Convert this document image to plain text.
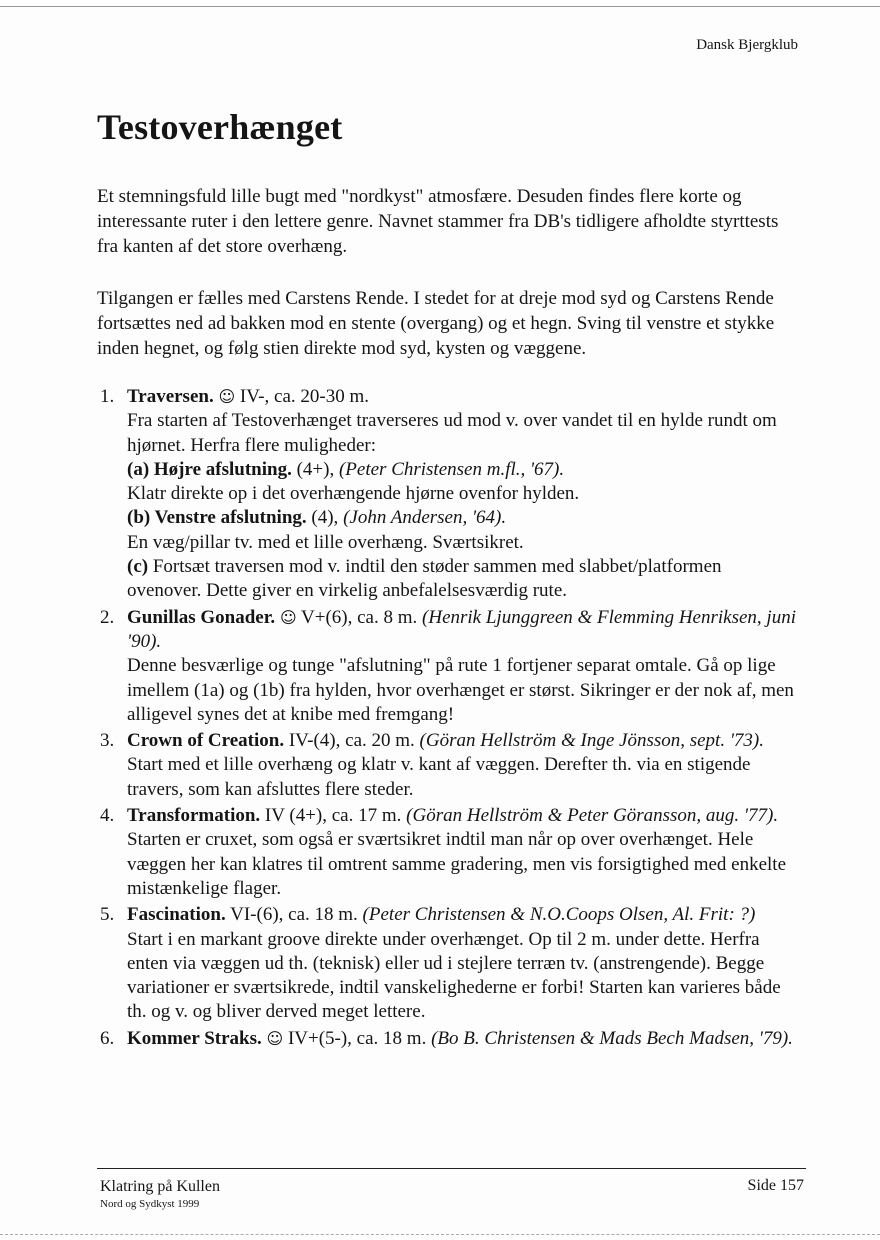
Dansk Bjergklub
Testoverhænget

Et stemningsfuld lille bugt med "nordkyst" atmosfære. Desuden findes flere korte og interessante ruter i den lettere genre. Navnet stammer fra DB's tidligere afholdte styrttests fra kanten af det store overhæng.

Tilgangen er fælles med Carstens Rende. I stedet for at dreje mod syd og Carstens Rende fortsættes ned ad bakken mod en stente (overgang) og et hegn. Sving til venstre et stykke inden hegnet, og følg stien direkte mod syd, kysten og væggene.

1. Traversen. ☺ IV-, ca. 20-30 m.

Fra starten af Testoverhænget traverseres ud mod v. over vandet til en hylde rundt om hjørnet. Herfra flere muligheder:

(a) Højre afslutning. (4+), (Peter Christensen m.fl., '67).

Klatr direkte op i det overhængende hjørne ovenfor hylden.

(b) Venstre afslutning. (4), (John Andersen, '64).

En væg/pillar tv. med et lille overhæng. Sværtsikret.

(c) Fortsæt traversen mod v. indtil den støder sammen med slabbet/platformen ovenover. Dette giver en virkelig anbefalelsesværdig rute.

2. Gunillas Gonader. ☺ V+(6), ca. 8 m. (Henrik Ljunggreen & Flemming Henriksen, juni '90).

Denne besværlige og tunge "afslutning" på rute 1 fortjener separat omtale. Gå op lige imellem (1a) og (1b) fra hylden, hvor overhænget er størst. Sikringer er der nok af, men alligevel synes det at knibe med fremgang!

3. Crown of Creation. IV-(4), ca. 20 m. (Göran Hellström & Inge Jönsson, sept. '73).

Start med et lille overhæng og klatr v. kant af væggen. Derefter th. via en stigende travers, som kan afsluttes flere steder.

4. Transformation. IV (4+), ca. 17 m. (Göran Hellström & Peter Göransson, aug. '77).

Starten er cruxet, som også er sværtsikret indtil man når op over overhænget. Hele væggen her kan klatres til omtrent samme gradering, men vis forsigtighed med enkelte mistænkelige flager.

5. Fascination. VI-(6), ca. 18 m. (Peter Christensen & N.O.Coops Olsen, Al. Frit: ?)

Start i en markant groove direkte under overhænget. Op til 2 m. under dette. Herfra enten via væggen ud th. (teknisk) eller ud i stejlere terræn tv. (anstrengende). Begge variationer er sværtsikrede, indtil vanskelighederne er forbi! Starten kan varieres både th. og v. og bliver derved meget lettere.

6. Kommer Straks. ☺ IV+(5-), ca. 18 m. (Bo B. Christensen & Mads Bech Madsen, '79).

Klatring på Kullen
Nord og Sydkyst 1999
Side 157
